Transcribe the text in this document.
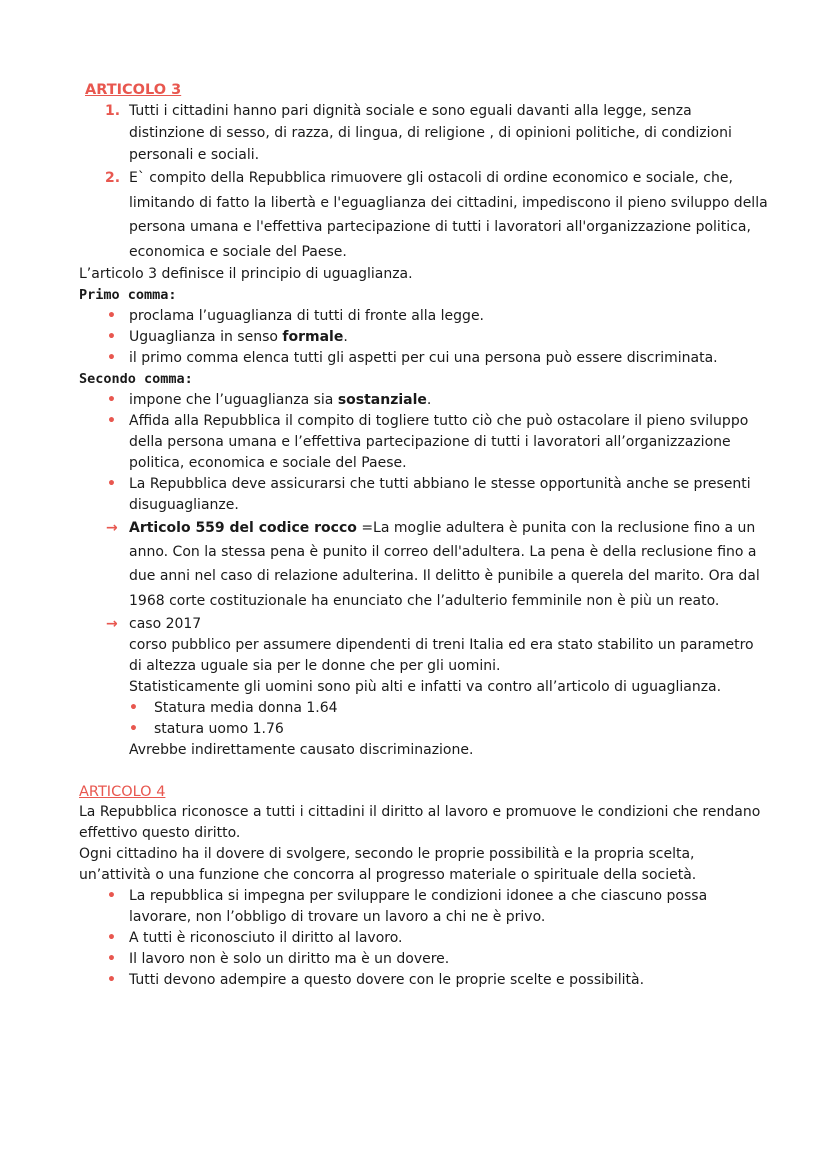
ARTICOLO 3
1. Tutti i cittadini hanno pari dignità sociale e sono eguali davanti alla legge, senza distinzione di sesso, di razza, di lingua, di religione , di opinioni politiche, di condizioni personali e sociali.
2. E` compito della Repubblica rimuovere gli ostacoli di ordine economico e sociale, che, limitando di fatto la libertà e l'eguaglianza dei cittadini, impediscono il pieno sviluppo della persona umana e l'effettiva partecipazione di tutti i lavoratori all'organizzazione politica, economica e sociale del Paese.

L’articolo 3 definisce il principio di uguaglianza.

Primo comma:
• proclama l’uguaglianza di tutti di fronte alla legge.
• Uguaglianza in senso formale.
• il primo comma elenca tutti gli aspetti per cui una persona può essere discriminata.
Secondo comma:
• impone che l’uguaglianza sia sostanziale.
• Affida alla Repubblica il compito di togliere tutto ciò che può ostacolare il pieno sviluppo della persona umana e l’effettiva partecipazione di tutti i lavoratori all’organizzazione politica, economica e sociale del Paese.
• La Repubblica deve assicurarsi che tutti abbiano le stesse opportunità anche se presenti disuguaglianze.
→ Articolo 559 del codice rocco =La moglie adultera è punita con la reclusione fino a un anno. Con la stessa pena è punito il correo dell'adultera. La pena è della reclusione fino a due anni nel caso di relazione adulterina. Il delitto è punibile a querela del marito. Ora dal 1968 corte costituzionale ha enunciato che l’adulterio femminile non è più un reato.
→ caso 2017
corso pubblico per assumere dipendenti di treni Italia ed era stato stabilito un parametro di altezza uguale sia per le donne che per gli uomini.
Statisticamente gli uomini sono più alti e infatti va contro all’articolo di uguaglianza.
• Statura media donna 1.64
• statura uomo 1.76
Avrebbe indirettamente causato discriminazione.
ARTICOLO 4

La Repubblica riconosce a tutti i cittadini il diritto al lavoro e promuove le condizioni che rendano effettivo questo diritto.

Ogni cittadino ha il dovere di svolgere, secondo le proprie possibilità e la propria scelta, un’attività o una funzione che concorra al progresso materiale o spirituale della società.

• La repubblica si impegna per sviluppare le condizioni idonee a che ciascuno possa lavorare, non l’obbligo di trovare un lavoro a chi ne è privo.
• A tutti è riconosciuto il diritto al lavoro.
• Il lavoro non è solo un diritto ma è un dovere.
• Tutti devono adempire a questo dovere con le proprie scelte e possibilità.
